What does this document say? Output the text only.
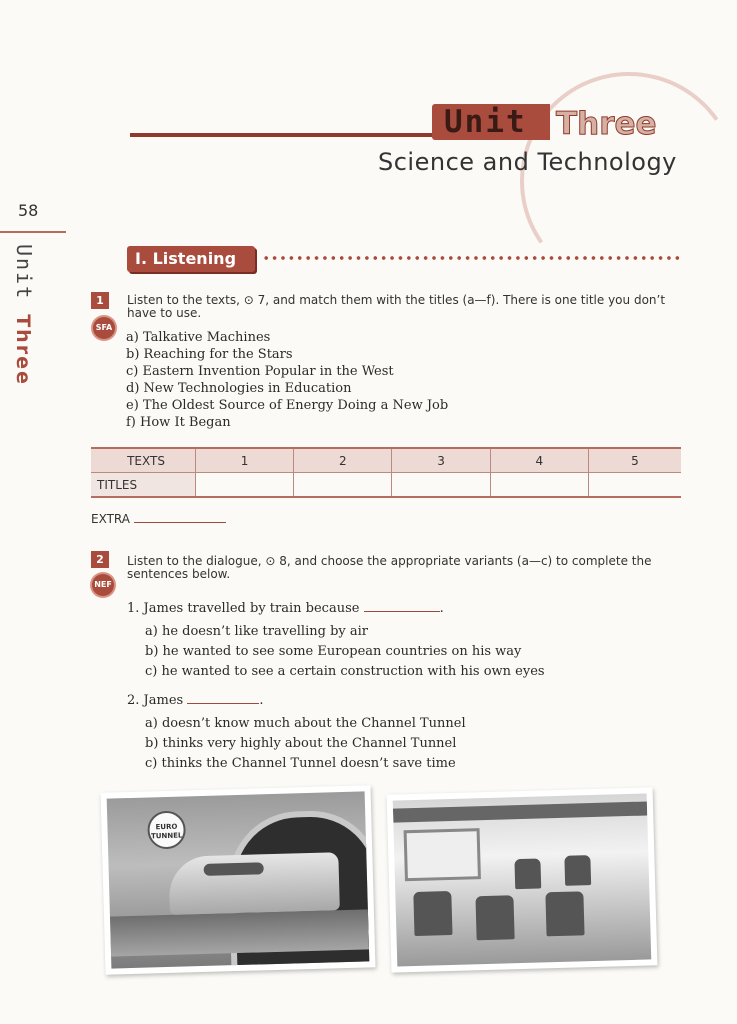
Unit Three
Science and Technology
58
Unit Three
I. Listening
1
SFA
Listen to the texts, ⊙ 7, and match them with the titles (a—f). There is one title you don’t have to use.
a) Talkative Machines
b) Reaching for the Stars
c) Eastern Invention Popular in the West
d) New Technologies in Education
e) The Oldest Source of Energy Doing a New Job
f) How It Began
TEXTS	1	2	3	4	5
TITLES					
EXTRA
2
NEF
Listen to the dialogue, ⊙ 8, and choose the appropriate variants (a—c) to complete the sentences below.
1. James travelled by train because	.
a) he doesn’t like travelling by air
b) he wanted to see some European countries on his way
c) he wanted to see a certain construction with his own eyes
2. James	.
a) doesn’t know much about the Channel Tunnel
b) thinks very highly about the Channel Tunnel
c) thinks the Channel Tunnel doesn’t save time
EURO TUNNEL
